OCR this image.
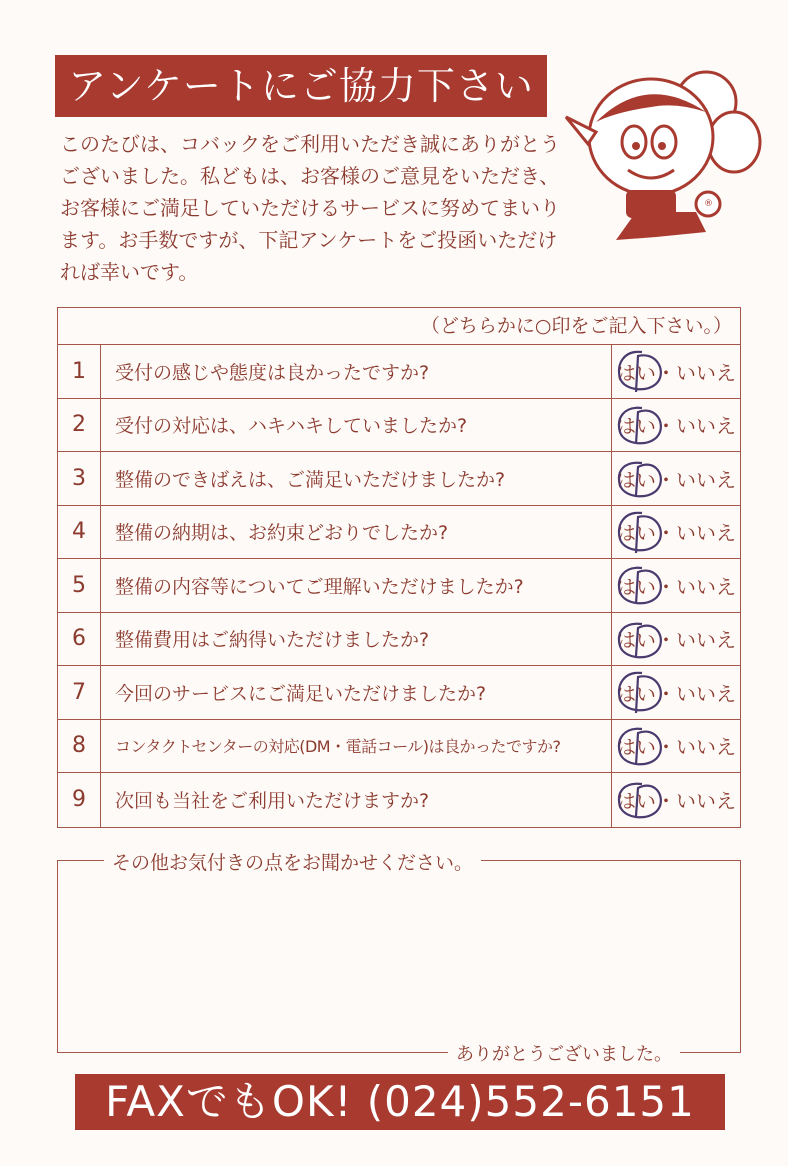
アンケートにご協力下さい
このたびは、コバックをご利用いただき誠にありがとうございました。私どもは、お客様のご意見をいただき、お客様にご満足していただけるサービスに努めてまいります。お手数ですが、下記アンケートをご投函いただければ幸いです。
®
（どちらかに○印をご記入下さい。）
1	受付の感じや態度は良かったですか?	はい・いいえ
2	受付の対応は、ハキハキしていましたか?	はい・いいえ
3	整備のできばえは、ご満足いただけましたか?	はい・いいえ
4	整備の納期は、お約束どおりでしたか?	はい・いいえ
5	整備の内容等についてご理解いただけましたか?	はい・いいえ
6	整備費用はご納得いただけましたか?	はい・いいえ
7	今回のサービスにご満足いただけましたか?	はい・いいえ
8	コンタクトセンターの対応(DM・電話コール)は良かったですか?	はい・いいえ
9	次回も当社をご利用いただけますか?	はい・いいえ
その他お気付きの点をお聞かせください。
ありがとうございました。
FAXでもOK! (024)552-6151
